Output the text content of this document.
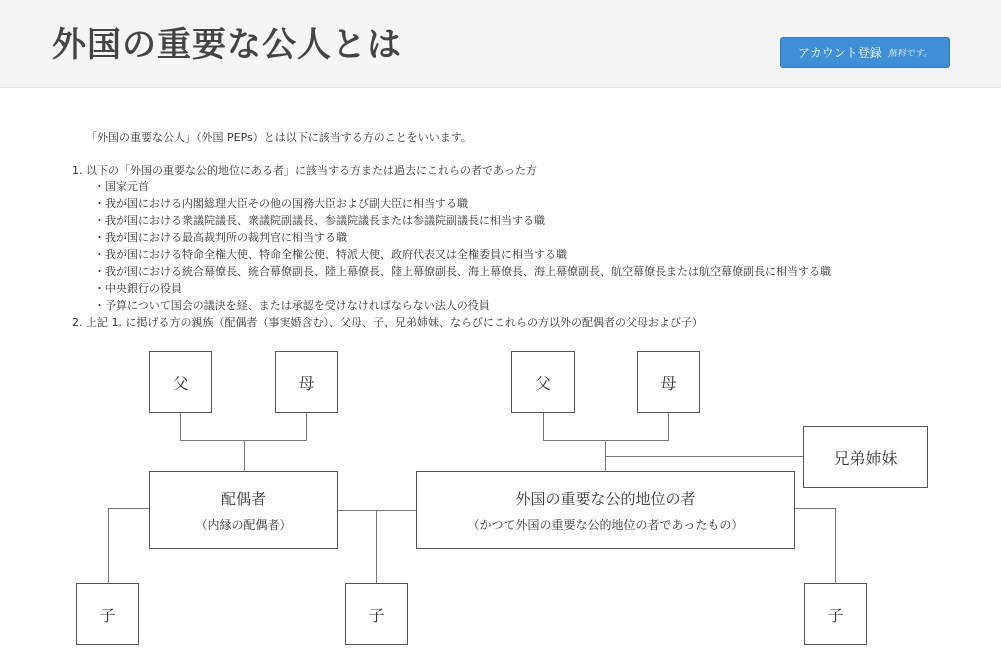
外国の重要な公人とは	アカウント登録 無料です。
「外国の重要な公人」（外国 PEPs）とは以下に該当する方のことをいいます。
1. 以下の「外国の重要な公的地位にある者」に該当する方または過去にこれらの者であった方
・国家元首
・我が国における内閣総理大臣その他の国務大臣および副大臣に相当する職
・我が国における衆議院議長、衆議院副議長、参議院議長または参議院副議長に相当する職
・我が国における最高裁判所の裁判官に相当する職
・我が国における特命全権大使、特命全権公使、特派大使、政府代表又は全権委員に相当する職
・我が国における統合幕僚長、統合幕僚副長、陸上幕僚長、陸上幕僚副長、海上幕僚長、海上幕僚副長、航空幕僚長または航空幕僚副長に相当する職
・中央銀行の役員
・予算について国会の議決を経、または承認を受けなければならない法人の役員
2. 上記 1. に掲げる方の親族（配偶者（事実婚含む）、父母、子、兄弟姉妹、ならびにこれらの方以外の配偶者の父母および子）
父	母	父	母
兄弟姉妹
配偶者
（内縁の配偶者）
外国の重要な公的地位の者
（かつて外国の重要な公的地位の者であったもの）
子	子	子
